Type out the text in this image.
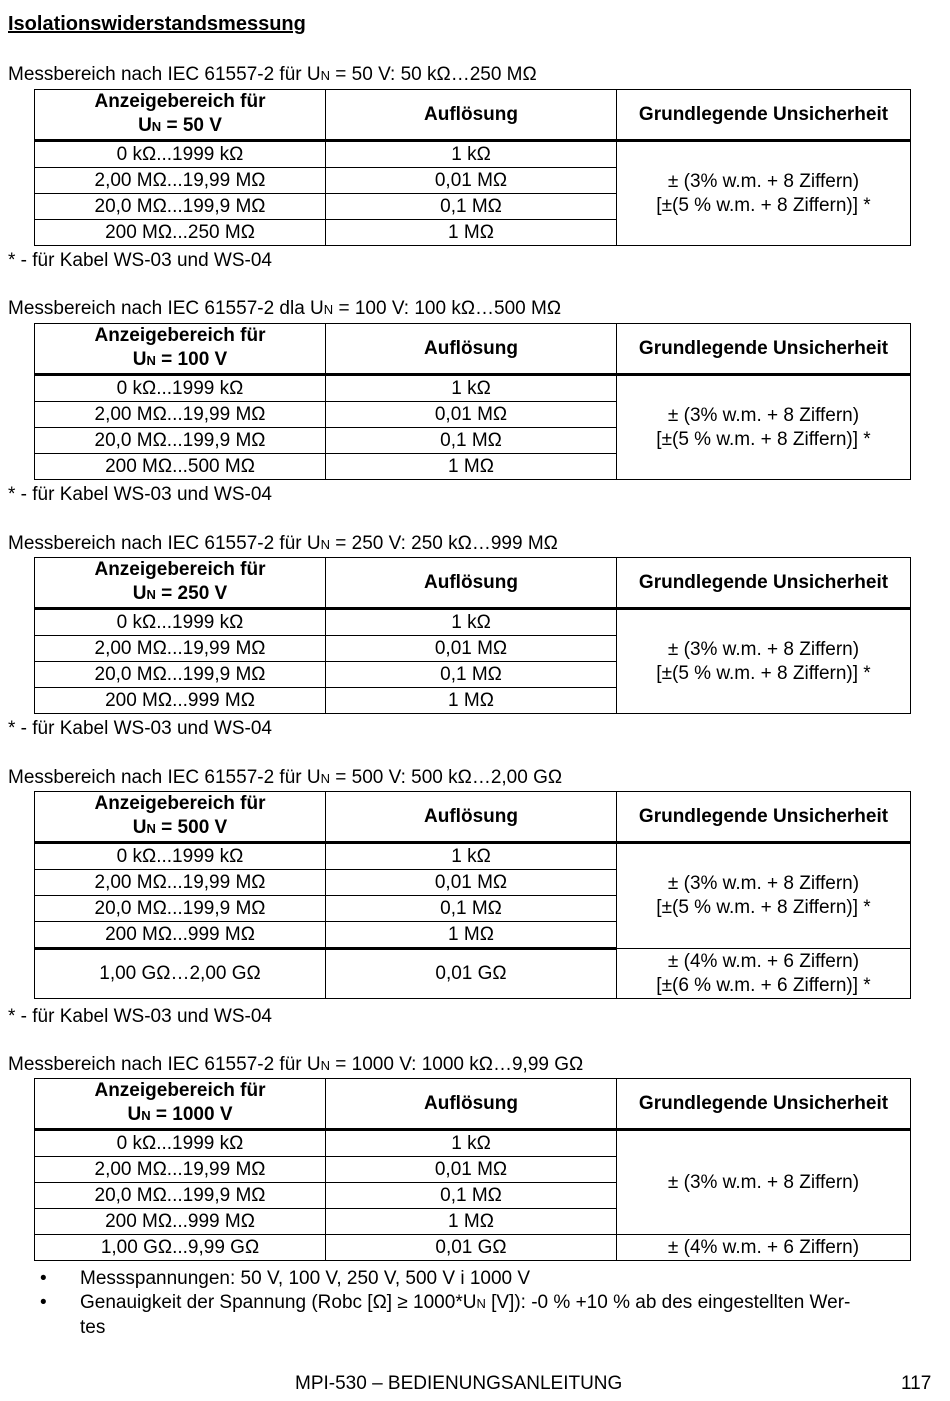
Isolationswiderstandsmessung
Messbereich nach IEC 61557-2 für UN = 50 V: 50 kΩ…250 MΩ
Anzeigebereich für
UN = 50 V	Auflösung	Grundlegende Unsicherheit
0 kΩ...1999 kΩ	1 kΩ	± (3% w.m. + 8 Ziffern)
[±(5 % w.m. + 8 Ziffern)] *
2,00 MΩ...19,99 MΩ	0,01 MΩ	
20,0 MΩ...199,9 MΩ	0,1 MΩ	
200 MΩ...250 MΩ	1 MΩ	
* - für Kabel WS-03 und WS-04
Messbereich nach IEC 61557-2 dla UN = 100 V: 100 kΩ…500 MΩ
Anzeigebereich für
UN = 100 V	Auflösung	Grundlegende Unsicherheit
0 kΩ...1999 kΩ	1 kΩ	± (3% w.m. + 8 Ziffern)
[±(5 % w.m. + 8 Ziffern)] *
2,00 MΩ...19,99 MΩ	0,01 MΩ	
20,0 MΩ...199,9 MΩ	0,1 MΩ	
200 MΩ...500 MΩ	1 MΩ	
* - für Kabel WS-03 und WS-04
Messbereich nach IEC 61557-2 für UN = 250 V: 250 kΩ…999 MΩ
Anzeigebereich für
UN = 250 V	Auflösung	Grundlegende Unsicherheit
0 kΩ...1999 kΩ	1 kΩ	± (3% w.m. + 8 Ziffern)
[±(5 % w.m. + 8 Ziffern)] *
2,00 MΩ...19,99 MΩ	0,01 MΩ	
20,0 MΩ...199,9 MΩ	0,1 MΩ	
200 MΩ...999 MΩ	1 MΩ	
* - für Kabel WS-03 und WS-04
Messbereich nach IEC 61557-2 für UN = 500 V: 500 kΩ…2,00 GΩ
Anzeigebereich für
UN = 500 V	Auflösung	Grundlegende Unsicherheit
0 kΩ...1999 kΩ	1 kΩ	± (3% w.m. + 8 Ziffern)
[±(5 % w.m. + 8 Ziffern)] *
2,00 MΩ...19,99 MΩ	0,01 MΩ	
20,0 MΩ...199,9 MΩ	0,1 MΩ	
200 MΩ...999 MΩ	1 MΩ	
1,00 GΩ…2,00 GΩ	0,01 GΩ	± (4% w.m. + 6 Ziffern)
[±(6 % w.m. + 6 Ziffern)] *
* - für Kabel WS-03 und WS-04
Messbereich nach IEC 61557-2 für UN = 1000 V: 1000 kΩ…9,99 GΩ
Anzeigebereich für
UN = 1000 V	Auflösung	Grundlegende Unsicherheit
0 kΩ...1999 kΩ	1 kΩ	± (3% w.m. + 8 Ziffern)
2,00 MΩ...19,99 MΩ	0,01 MΩ	
20,0 MΩ...199,9 MΩ	0,1 MΩ	
200 MΩ...999 MΩ	1 MΩ	
1,00 GΩ...9,99 GΩ	0,01 GΩ	± (4% w.m. + 6 Ziffern)
• Messspannungen: 50 V, 100 V, 250 V, 500 V i 1000 V
• Genauigkeit der Spannung (Robc [Ω] ≥ 1000*UN [V]): -0 % +10 % ab des eingestellten Wer-
tes
MPI-530 – BEDIENUNGSANLEITUNG	117
